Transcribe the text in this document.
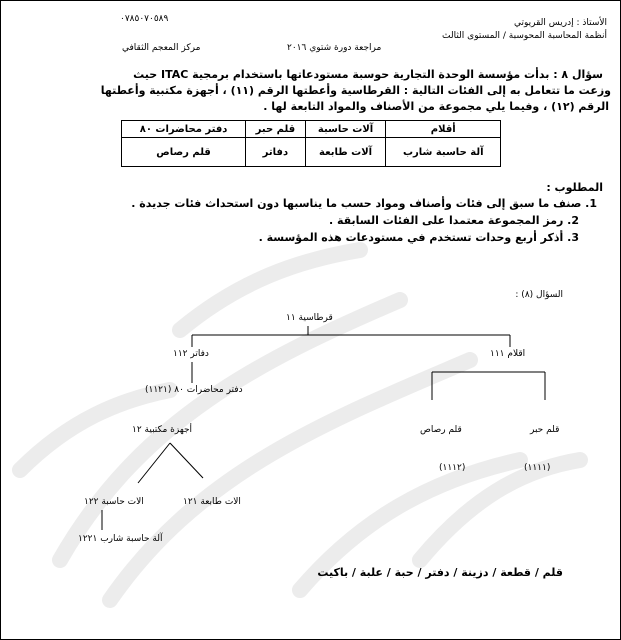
الأستاذ : إدريس القريوتي
أنظمة المحاسبة المحوسبة / المستوى الثالث
٠٧٨٥٠٧٠٥٨٩
مراجعة دورة شتوي ٢٠١٦
مركز المعجم الثقافي
سؤال ٨ : بدأت مؤسسة الوحدة التجارية حوسبة مستودعاتها باستخدام برمجية ITAC حيث
وزعت ما تتعامل به إلى الفئات التالية : القرطاسية وأعطتها الرقم (١١) ، أجهزة مكتبية وأعطتها
الرقم (١٢) ، وفيما يلي مجموعة من الأصناف والمواد التابعة لها .
أقلام	آلات حاسبة	قلم حبر	دفتر محاضرات ٨٠
آلة حاسبة شارب	آلات طابعة	دفاتر	قلم رصاص
المطلوب :
1. صنف ما سبق إلى فئات وأصناف ومواد حسب ما يناسبها دون استحداث فئات جديدة .
2. رمز المجموعة معتمدا على الفئات السابقة .
3. أذكر أربع وحدات تستخدم في مستودعات هذه المؤسسة .
السؤال (٨) :
قرطاسية ١١
دفاتر ١١٢	اقلام ١١١
دفتر محاضرات ٨٠ (١١٢١)
قلم حبر
قلم رصاص
(١١١١)
(١١١٢)
أجهزة مكتبية ١٢
الات حاسبة ١٢٢	الات طابعة ١٢١
آلة حاسبة شارب ١٢٢١
قلم / قطعة / دزينة / دفتر / حبة / علبة / باكيت
